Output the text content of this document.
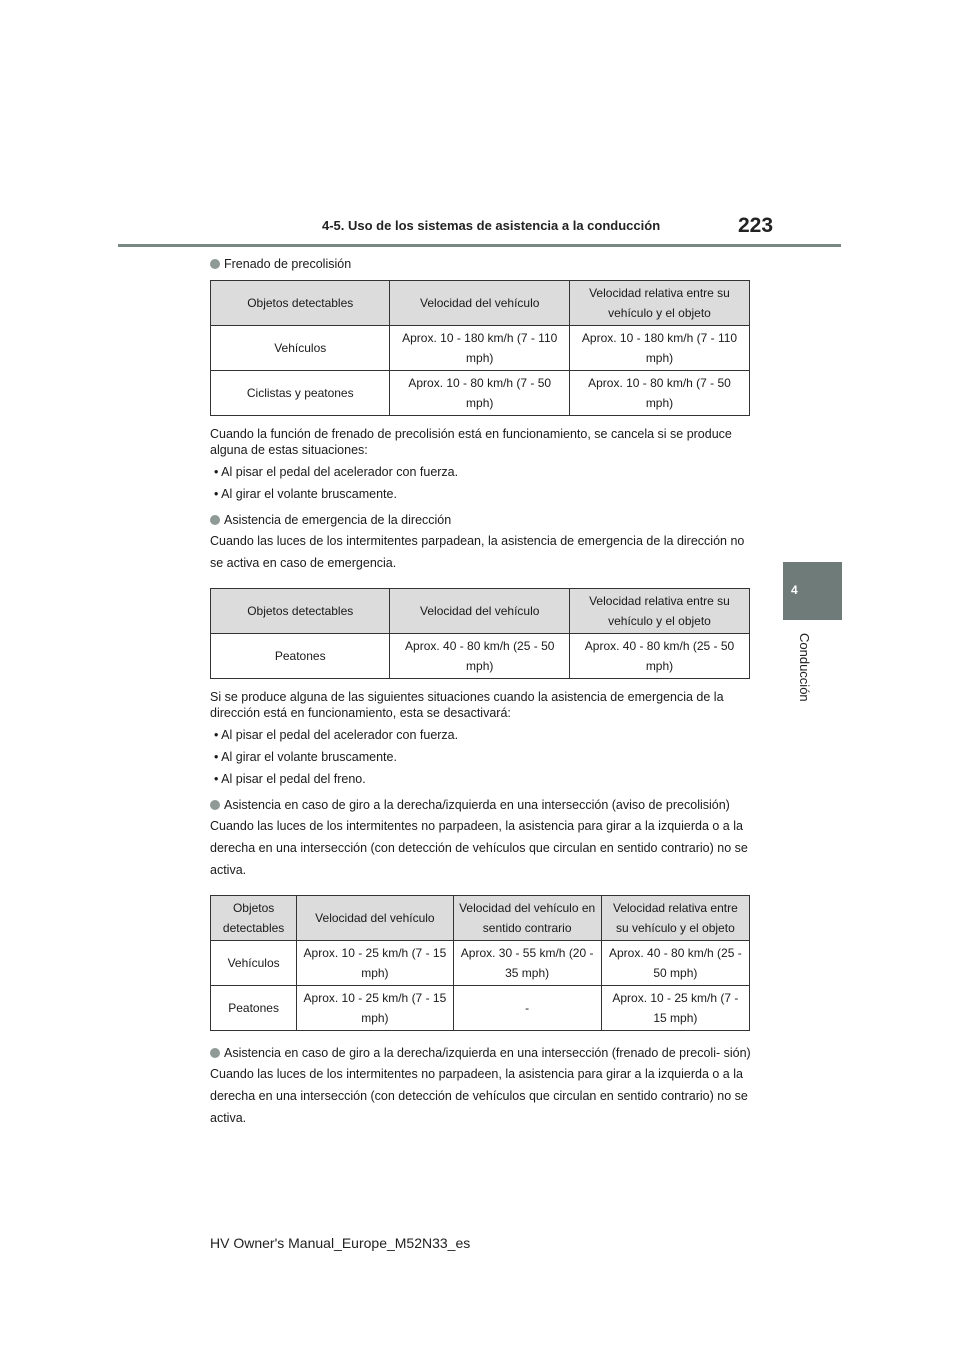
4-5. Uso de los sistemas de asistencia a la conducción	223
4
Conducción
Frenado de precolisión
Objetos detectables	Velocidad del vehículo	Velocidad relativa entre su vehículo y el objeto
Vehículos	Aprox. 10 - 180 km/h (7 - 110 mph)	Aprox. 10 - 180 km/h (7 - 110 mph)
Ciclistas y peatones	Aprox. 10 - 80 km/h (7 - 50 mph)	Aprox. 10 - 80 km/h (7 - 50 mph)

Cuando la función de frenado de precolisión está en funcionamiento, se cancela si se produce alguna de estas situaciones:

• Al pisar el pedal del acelerador con fuerza.

• Al girar el volante bruscamente.

Asistencia de emergencia de la dirección

Cuando las luces de los intermitentes parpadean, la asistencia de emergencia de la dirección no se activa en caso de emergencia.

Objetos detectables	Velocidad del vehículo	Velocidad relativa entre su vehículo y el objeto
Peatones	Aprox. 40 - 80 km/h (25 - 50 mph)	Aprox. 40 - 80 km/h (25 - 50 mph)

Si se produce alguna de las siguientes situaciones cuando la asistencia de emergencia de la dirección está en funcionamiento, esta se desactivará:

• Al pisar el pedal del acelerador con fuerza.

• Al girar el volante bruscamente.

• Al pisar el pedal del freno.

Asistencia en caso de giro a la derecha/izquierda en una intersección (aviso de precolisión)

Cuando las luces de los intermitentes no parpadeen, la asistencia para girar a la izquierda o a la derecha en una intersección (con detección de vehículos que circulan en sentido contrario) no se activa.

Objetos detectables	Velocidad del vehículo	Velocidad del vehículo en sentido contrario	Velocidad relativa entre su vehículo y el objeto
Vehículos	Aprox. 10 - 25 km/h (7 - 15 mph)	Aprox. 30 - 55 km/h (20 - 35 mph)	Aprox. 40 - 80 km/h (25 - 50 mph)
Peatones	Aprox. 10 - 25 km/h (7 - 15 mph)	-	Aprox. 10 - 25 km/h (7 - 15 mph)
Asistencia en caso de giro a la derecha/izquierda en una intersección (frenado de precoli- sión)

Cuando las luces de los intermitentes no parpadeen, la asistencia para girar a la izquierda o a la derecha en una intersección (con detección de vehículos que circulan en sentido contrario) no se activa.

HV Owner's Manual_Europe_M52N33_es
